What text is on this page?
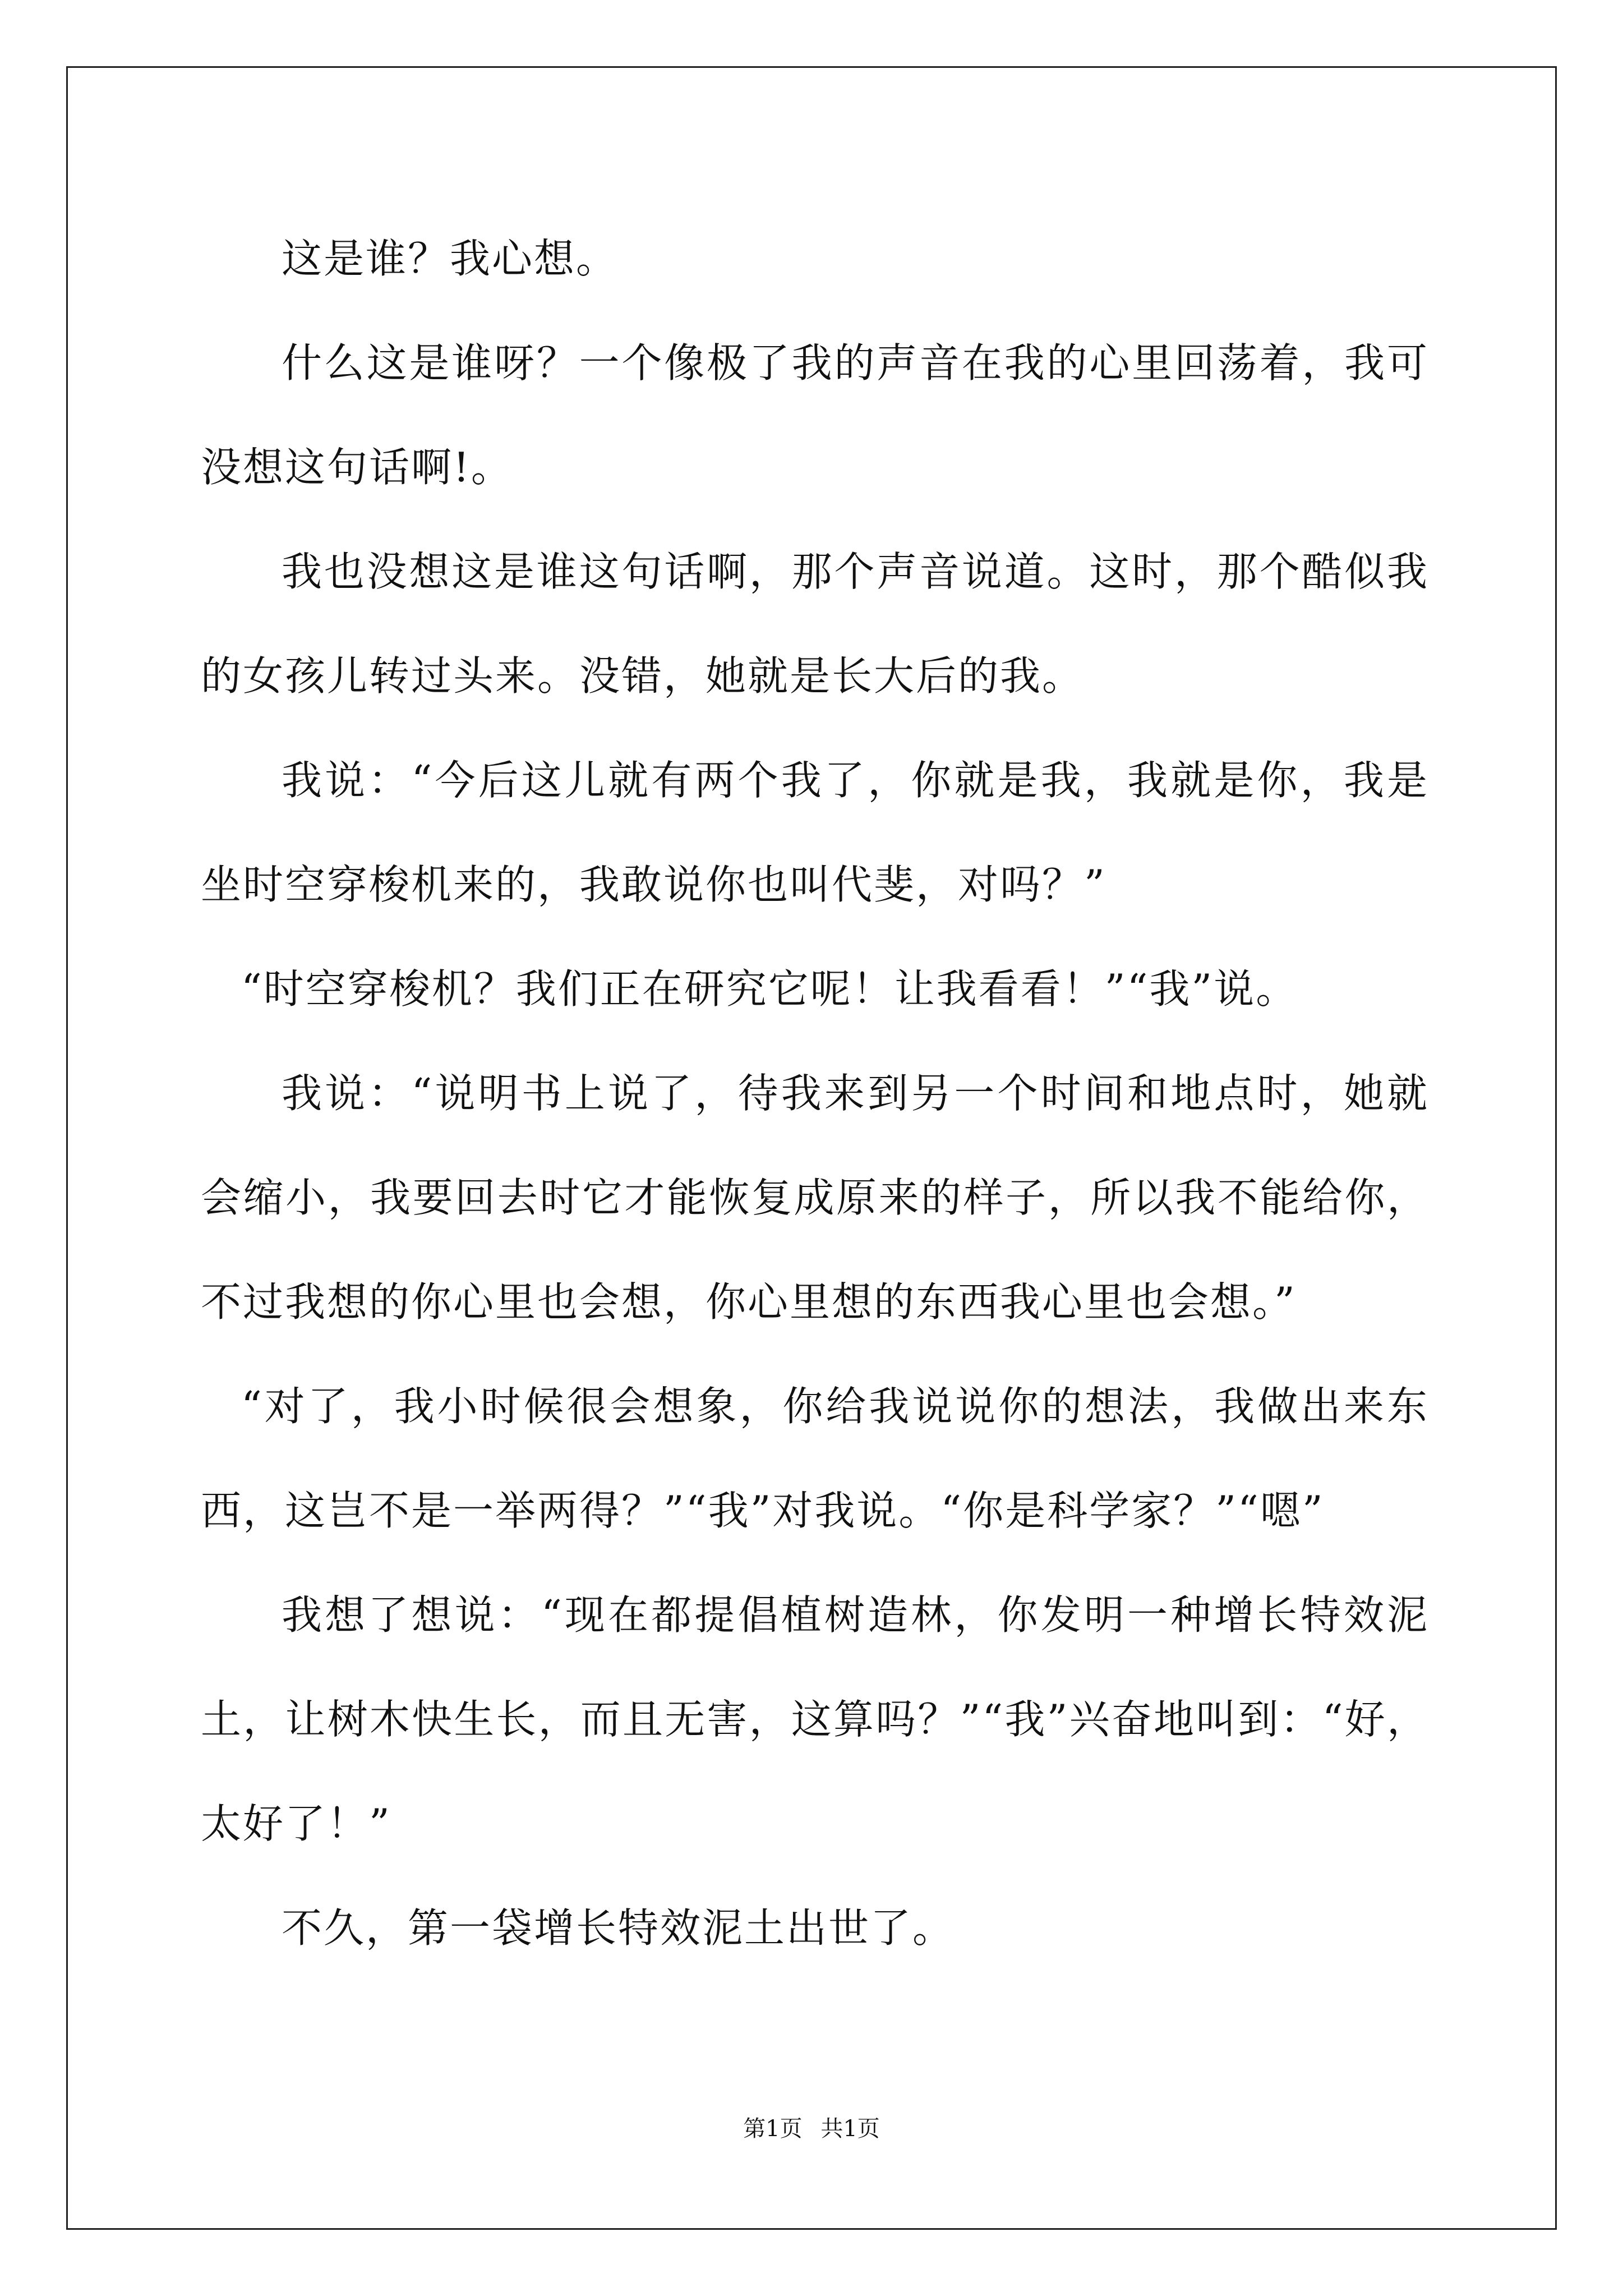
这是谁？我心想。

什么这是谁呀？一个像极了我的声音在我的心里回荡着，我可没想这句话啊!。

我也没想这是谁这句话啊，那个声音说道。这时，那个酷似我的女孩儿转过头来。没错，她就是长大后的我。

我说：“今后这儿就有两个我了，你就是我，我就是你，我是坐时空穿梭机来的，我敢说你也叫代斐，对吗？”

“时空穿梭机？我们正在研究它呢！让我看看！”“我”说。

我说：“说明书上说了，待我来到另一个时间和地点时，她就会缩小，我要回去时它才能恢复成原来的样子，所以我不能给你，不过我想的你心里也会想，你心里想的东西我心里也会想。”

“对了，我小时候很会想象，你给我说说你的想法，我做出来东西，这岂不是一举两得？”“我”对我说。“你是科学家？”“嗯”

我想了想说：“现在都提倡植树造林，你发明一种增长特效泥土，让树木快生长，而且无害，这算吗？”“我”兴奋地叫到：“好，太好了！”

不久，第一袋增长特效泥土出世了。

第1页 共1页
